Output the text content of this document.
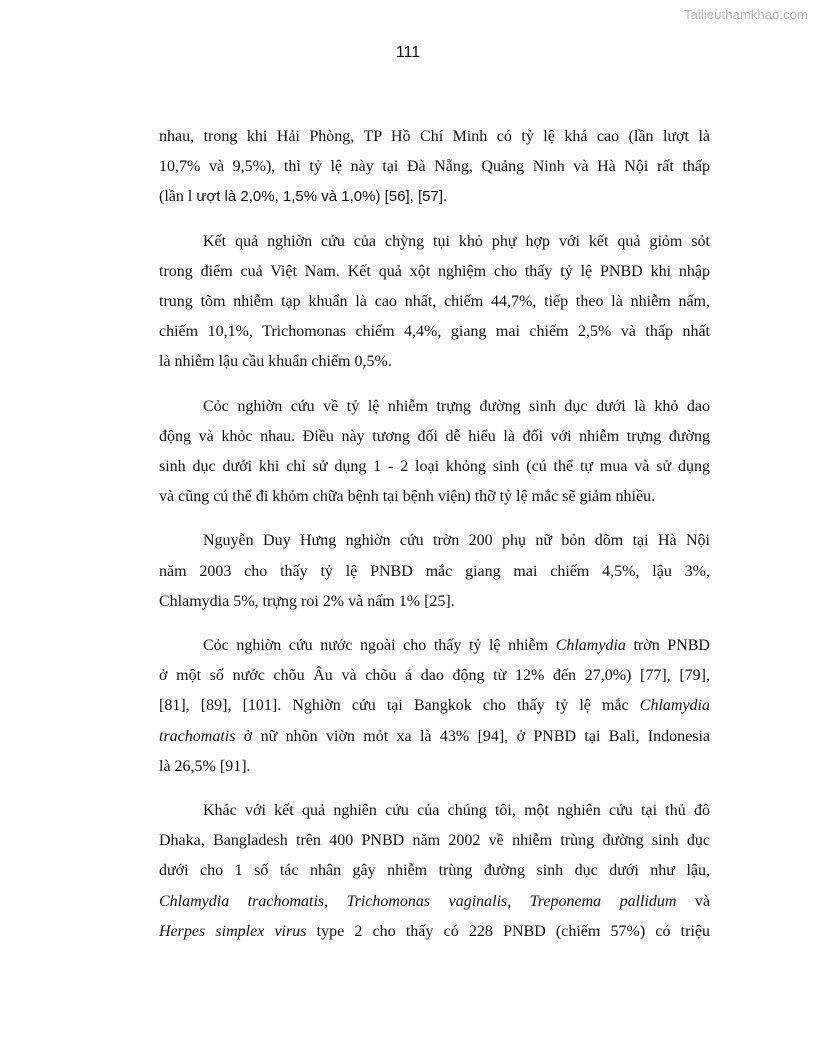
Tailieuthamkhao.com
111
nhau, trong khi Hải Phòng, TP Hồ Chí Minh có tỷ lệ khá cao (lần lượt là
10,7% và 9,5%), thì tỷ lệ này tại Đà Nẵng, Quảng Ninh và Hà Nội rất thấp
(lần l ượt là 2,0%, 1,5% và 1,0%) [56], [57].
Kết quả nghiờn cứu của chỳng tụi khỏ phự hợp với kết quả giỏm sỏt
trong điểm cuả Việt Nam. Kết quả xột nghiệm cho thấy tỷ lệ PNBD khi nhập
trung tõm nhiễm tạp khuẩn là cao nhất, chiếm 44,7%, tiếp theo là nhiễm nấm,
chiếm 10,1%, Trichomonas chiếm 4,4%, giang mai chiếm 2,5% và thấp nhất
là nhiễm lậu cầu khuẩn chiếm 0,5%.
Cỏc nghiờn cứu về tỷ lệ nhiễm trựng đường sinh dục dưới là khỏ dao
động và khỏc nhau. Điều này tương đối dễ hiểu là đối với nhiễm trựng đường
sinh dục dưới khi chỉ sử dụng 1 - 2 loại khỏng sinh (cú thể tự mua và sử dụng
và cũng cú thể đi khỏm chữa bệnh tại bệnh viện) thỡ tỷ lệ mắc sẽ giảm nhiều.
Nguyễn Duy Hưng nghiờn cứu trờn 200 phụ nữ bỏn dõm tại Hà Nội
năm 2003 cho thấy tỷ lệ PNBD mắc giang mai chiếm 4,5%, lậu 3%,
Chlamydia 5%, trựng roi 2% và nấm 1% [25].
Cỏc nghiờn cứu nước ngoài cho thấy tỷ lệ nhiễm Chlamydia trờn PNBD
ở một số nước chõu Âu và chõu á dao động từ 12% đến 27,0%) [77], [79],
[81], [89], [101]. Nghiờn cứu tại Bangkok cho thấy tỷ lệ mắc Chlamydia
trachomatis ở nữ nhõn viờn mỏt xa là 43% [94], ở PNBD tại Bali, Indonesia
là 26,5% [91].
Khác với kết quả nghiên cứu của chúng tôi, một nghiên cứu tại thủ đô
Dhaka, Bangladesh trên 400 PNBD năm 2002 về nhiễm trùng đường sinh dục
dưới cho 1 số tác nhân gây nhiễm trùng đường sinh dục dưới như lậu,
Chlamydia trachomatis, Trichomonas vaginalis, Treponema pallidum và
Herpes simplex virus type 2 cho thấy có 228 PNBD (chiếm 57%) có triệu
